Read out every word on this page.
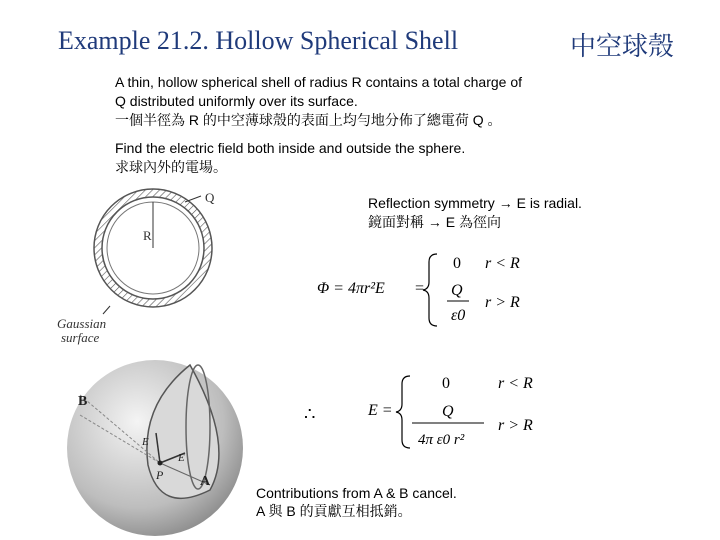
Example 21.2. Hollow Spherical Shell	中空球殼
A thin, hollow spherical shell of radius R contains a total charge of
Q distributed uniformly over its surface.
一個半徑為 R 的中空薄球殼的表面上均勻地分佈了總電荷 Q 。
Find the electric field both inside and outside the sphere.
求球內外的電場。
Reflection symmetry → E is radial.
鏡面對稱 → E 為徑向
Q
R
Gaussian
surface
B
A
P
E
E
Φ = 4πr²E =
0 r < R
Q
ε0
r > R
∴	E =
0	r < R
Q
4π ε0 r²
r > R
Contributions from A & B cancel.
A 與 B 的貢獻互相抵銷。
